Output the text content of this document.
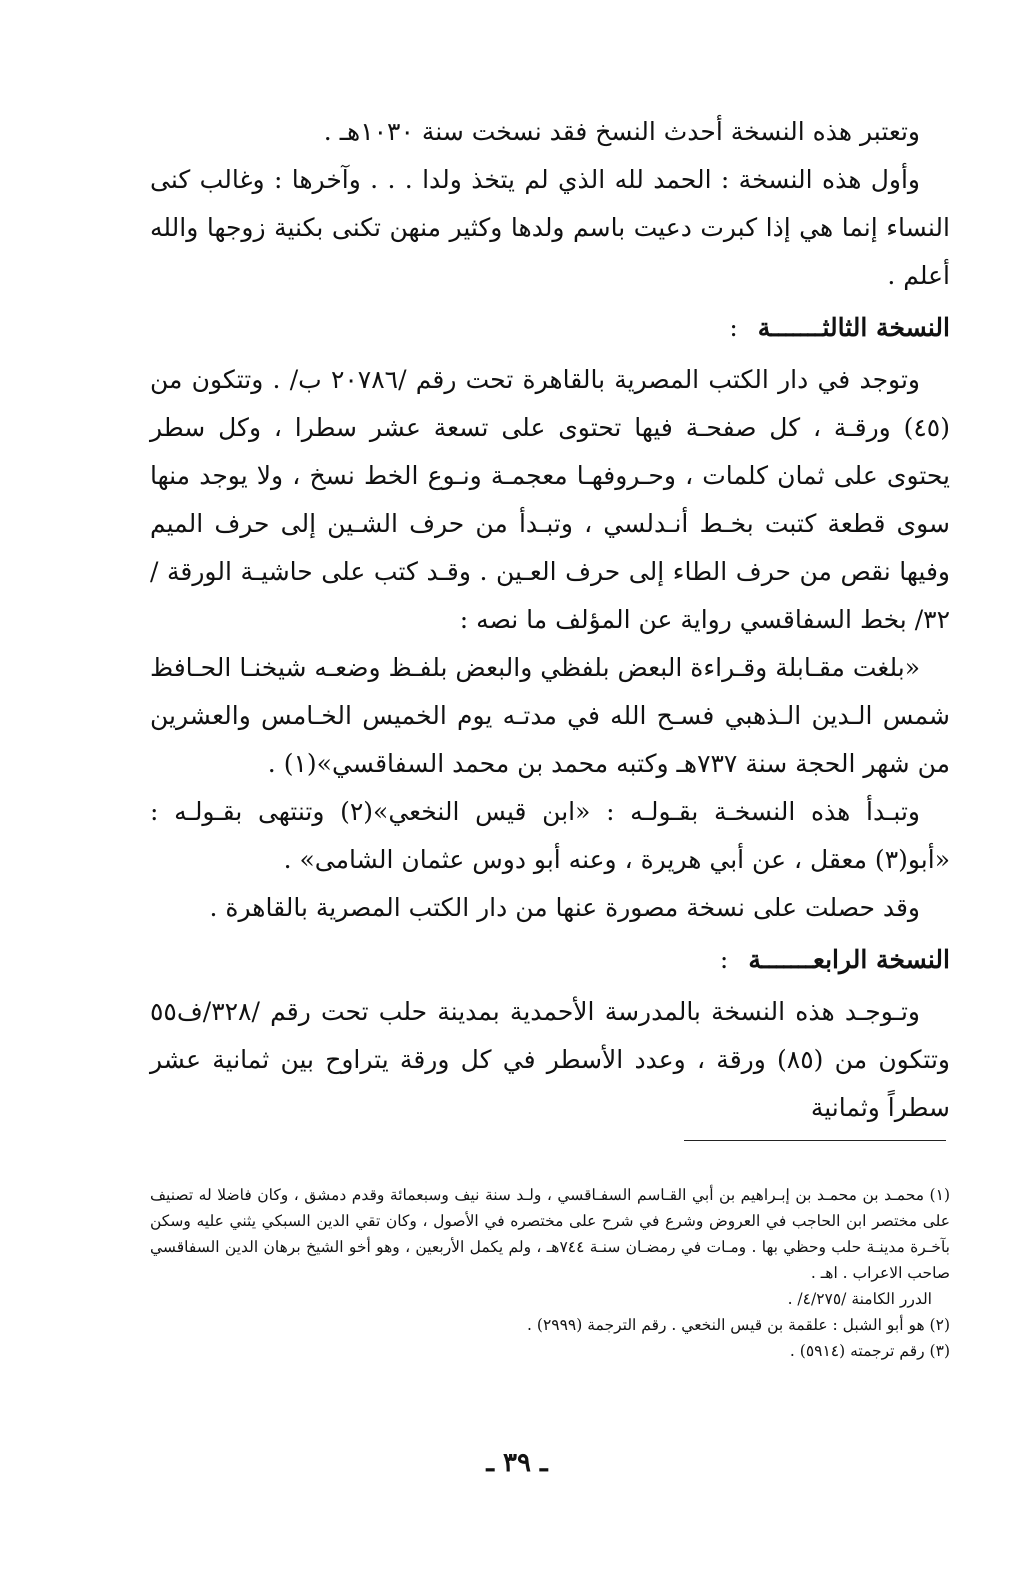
وتعتبر هذه النسخة أحدث النسخ فقد نسخت سنة ١٠٣٠هـ .

وأول هذه النسخة : الحمد لله الذي لم يتخذ ولدا . . . وآخرها : وغالب كنى النساء إنما هي إذا كبرت دعيت باسم ولدها وكثير منهن تكنى بكنية زوجها والله أعلم .

النسخة الثالثـــــــة:

وتوجد في دار الكتب المصرية بالقاهرة تحت رقم /٢٠٧٨٦ ب/ . وتتكون من (٤٥) ورقـة ، كل صفحـة فيها تحتوى على تسعة عشر سطرا ، وكل سطر يحتوى على ثمان كلمات ، وحـروفهـا معجمـة ونـوع الخط نسخ ، ولا يوجد منها سوى قطعة كتبت بخـط أنـدلسي ، وتبـدأ من حرف الشـين إلى حرف الميم وفيها نقص من حرف الطاء إلى حرف العـين . وقـد كتب على حاشيـة الورقة /٣٢/ بخط السفاقسي رواية عن المؤلف ما نصه :

«بلغت مقـابلة وقـراءة البعض بلفظي والبعض بلفـظ وضعـه شيخنـا الحـافظ شمس الـدين الـذهبي فسـح الله في مدتـه يوم الخميس الخـامس والعشرين من شهر الحجة سنة ٧٣٧هـ وكتبه محمد بن محمد السفاقسي»(١) .

وتبـدأ هذه النسخـة بقـولـه : «ابن قيس النخعي»(٢) وتنتهى بقـولـه : «أبو(٣) معقل ، عن أبي هريرة ، وعنه أبو دوس عثمان الشامى» .

وقد حصلت على نسخة مصورة عنها من دار الكتب المصرية بالقاهرة .

النسخة الرابعـــــــة:

وتـوجـد هذه النسخة بالمدرسة الأحمدية بمدينة حلب تحت رقم /٣٢٨/ف٥٥ وتتكون من (٨٥) ورقة ، وعدد الأسطر في كل ورقة يتراوح بين ثمانية عشر سطراً وثمانية

(١) محمـد بن محمـد بن إبـراهيم بن أبي القـاسم السفـاقسي ، ولـد سنة نيف وسبعمائة وقدم دمشق ، وكان فاضلا له تصنيف على مختصر ابن الحاجب في العروض وشرع في شرح على مختصره في الأصول ، وكان تقي الدين السبكي يثني عليه وسكن بآخـرة مدينـة حلب وحظي بها . ومـات في رمضـان سنـة ٧٤٤هـ ، ولم يكمل الأربعين ، وهو أخو الشيخ برهان الدين السفاقسي صاحب الاعراب . اهـ .

الدرر الكامنة /٤/٢٧٥/ .

(٢) هو أبو الشبل : علقمة بن قيس النخعي . رقم الترجمة (٢٩٩٩) .

(٣) رقم ترجمته (٥٩١٤) .

ـ ٣٩ ـ
